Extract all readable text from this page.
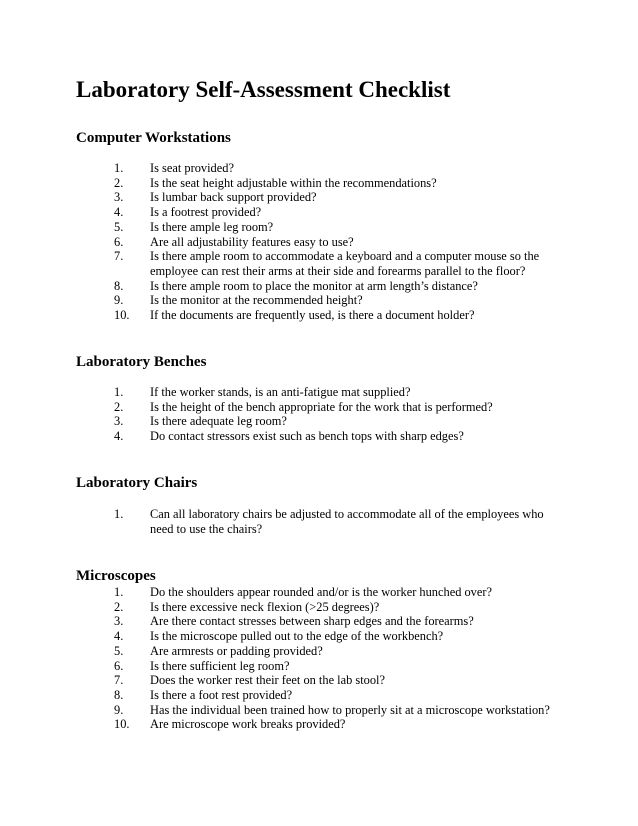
Laboratory Self-Assessment Checklist
Computer Workstations
1.	Is seat provided?
2.	Is the seat height adjustable within the recommendations?
3.	Is lumbar back support provided?
4.	Is a footrest provided?
5.	Is there ample leg room?
6.	Are all adjustability features easy to use?
7.	Is there ample room to accommodate a keyboard and a computer mouse so the employee can rest their arms at their side and forearms parallel to the floor?
8.	Is there ample room to place the monitor at arm length’s distance?
9.	Is the monitor at the recommended height?
10.	If the documents are frequently used, is there a document holder?
Laboratory Benches
1.	If the worker stands, is an anti-fatigue mat supplied?
2.	Is the height of the bench appropriate for the work that is performed?
3.	Is there adequate leg room?
4.	Do contact stressors exist such as bench tops with sharp edges?
Laboratory Chairs
1.	Can all laboratory chairs be adjusted to accommodate all of the employees who need to use the chairs?
Microscopes
1.	Do the shoulders appear rounded and/or is the worker hunched over?
2.	Is there excessive neck flexion (>25 degrees)?
3.	Are there contact stresses between sharp edges and the forearms?
4.	Is the microscope pulled out to the edge of the workbench?
5.	Are armrests or padding provided?
6.	Is there sufficient leg room?
7.	Does the worker rest their feet on the lab stool?
8.	Is there a foot rest provided?
9.	Has the individual been trained how to properly sit at a microscope workstation?
10.	Are microscope work breaks provided?
